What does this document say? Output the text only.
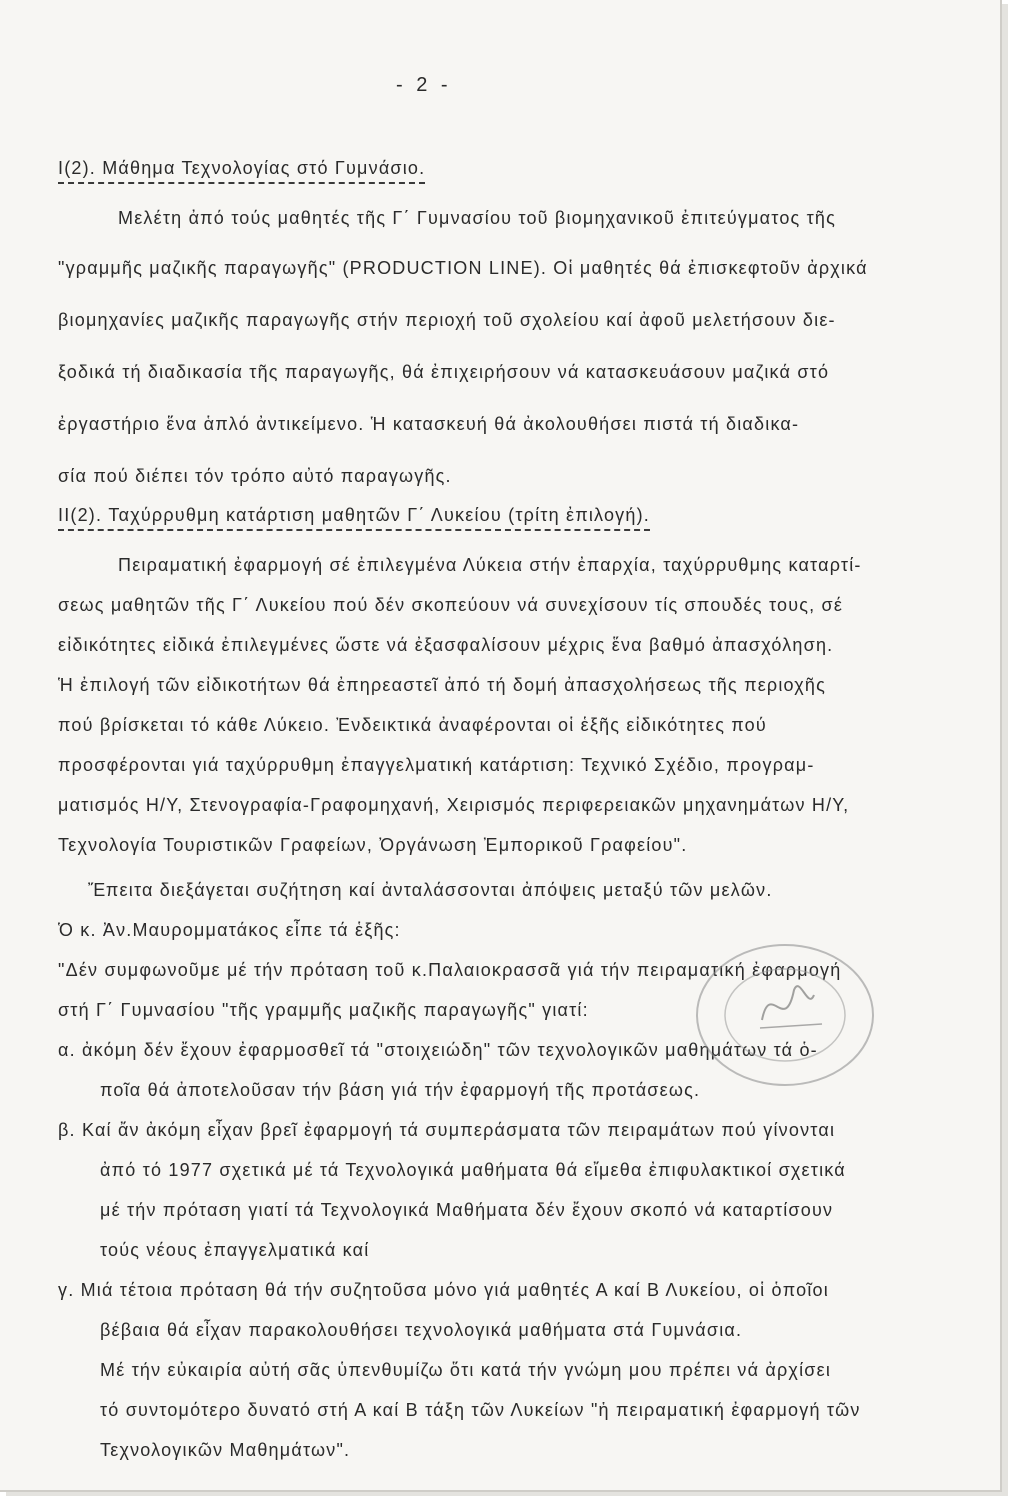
- 2 -
I(2). Μάθημα Τεχνολογίας στό Γυμνάσιο.
Μελέτη ἀπό τούς μαθητές τῆς Γ΄ Γυμνασίου τοῦ βιομηχανικοῦ ἐπιτεύγματος τῆς
"γραμμῆς μαζικῆς παραγωγῆς" (PRODUCTION LINE). Οἱ μαθητές θά ἐπισκεφτοῦν ἀρχικά
βιομηχανίες μαζικῆς παραγωγῆς στήν περιοχή τοῦ σχολείου καί ἀφοῦ μελετήσουν διε-
ξοδικά τή διαδικασία τῆς παραγωγῆς, θά ἐπιχειρήσουν νά κατασκευάσουν μαζικά στό
ἐργαστήριο ἕνα ἁπλό ἀντικείμενο. Ἡ κατασκευή θά ἀκολουθήσει πιστά τή διαδικα-
σία πού διέπει τόν τρόπο αὐτό παραγωγῆς.
II(2). Ταχύρρυθμη κατάρτιση μαθητῶν Γ΄ Λυκείου (τρίτη ἐπιλογή).
Πειραματική ἐφαρμογή σέ ἐπιλεγμένα Λύκεια στήν ἐπαρχία, ταχύρρυθμης καταρτί-
σεως μαθητῶν τῆς Γ΄ Λυκείου πού δέν σκοπεύουν νά συνεχίσουν τίς σπουδές τους, σέ
εἰδικότητες εἰδικά ἐπιλεγμένες ὥστε νά ἐξασφαλίσουν μέχρις ἕνα βαθμό ἀπασχόληση.
Ἡ ἐπιλογή τῶν εἰδικοτήτων θά ἐπηρεαστεῖ ἀπό τή δομή ἀπασχολήσεως τῆς περιοχῆς
πού βρίσκεται τό κάθε Λύκειο. Ἐνδεικτικά ἀναφέρονται οἱ ἑξῆς εἰδικότητες πού
προσφέρονται γιά ταχύρρυθμη ἐπαγγελματική κατάρτιση: Τεχνικό Σχέδιο, προγραμ-
ματισμός Η/Υ, Στενογραφία-Γραφομηχανή, Χειρισμός περιφερειακῶν μηχανημάτων Η/Υ,
Τεχνολογία Τουριστικῶν Γραφείων, Ὀργάνωση Ἐμπορικοῦ Γραφείου".
Ἔπειτα διεξάγεται συζήτηση καί ἀνταλάσσονται ἀπόψεις μεταξύ τῶν μελῶν.
Ὁ κ. Ἀν.Μαυρομματάκος εἶπε τά ἑξῆς:
"Δέν συμφωνοῦμε μέ τήν πρόταση τοῦ κ.Παλαιοκρασσᾶ γιά τήν πειραματική ἐφαρμογή
στή Γ΄ Γυμνασίου "τῆς γραμμῆς μαζικῆς παραγωγῆς" γιατί:
α. ἀκόμη δέν ἔχουν ἐφαρμοσθεῖ τά "στοιχειώδη" τῶν τεχνολογικῶν μαθημάτων τά ὁ-
ποῖα θά ἀποτελοῦσαν τήν βάση γιά τήν ἐφαρμογή τῆς προτάσεως.
β. Καί ἄν ἀκόμη εἶχαν βρεῖ ἐφαρμογή τά συμπεράσματα τῶν πειραμάτων πού γίνονται
ἀπό τό 1977 σχετικά μέ τά Τεχνολογικά μαθήματα θά εἴμεθα ἐπιφυλακτικοί σχετικά
μέ τήν πρόταση γιατί τά Τεχνολογικά Μαθήματα δέν ἔχουν σκοπό νά καταρτίσουν
τούς νέους ἐπαγγελματικά καί
γ. Μιά τέτοια πρόταση θά τήν συζητοῦσα μόνο γιά μαθητές Α καί Β Λυκείου, οἱ ὁποῖοι
βέβαια θά εἶχαν παρακολουθήσει τεχνολογικά μαθήματα στά Γυμνάσια.
Μέ τήν εὐκαιρία αὐτή σᾶς ὑπενθυμίζω ὅτι κατά τήν γνώμη μου πρέπει νά ἀρχίσει
τό συντομότερο δυνατό στή Α καί Β τάξη τῶν Λυκείων "ἡ πειραματική ἐφαρμογή τῶν
Τεχνολογικῶν Μαθημάτων".
